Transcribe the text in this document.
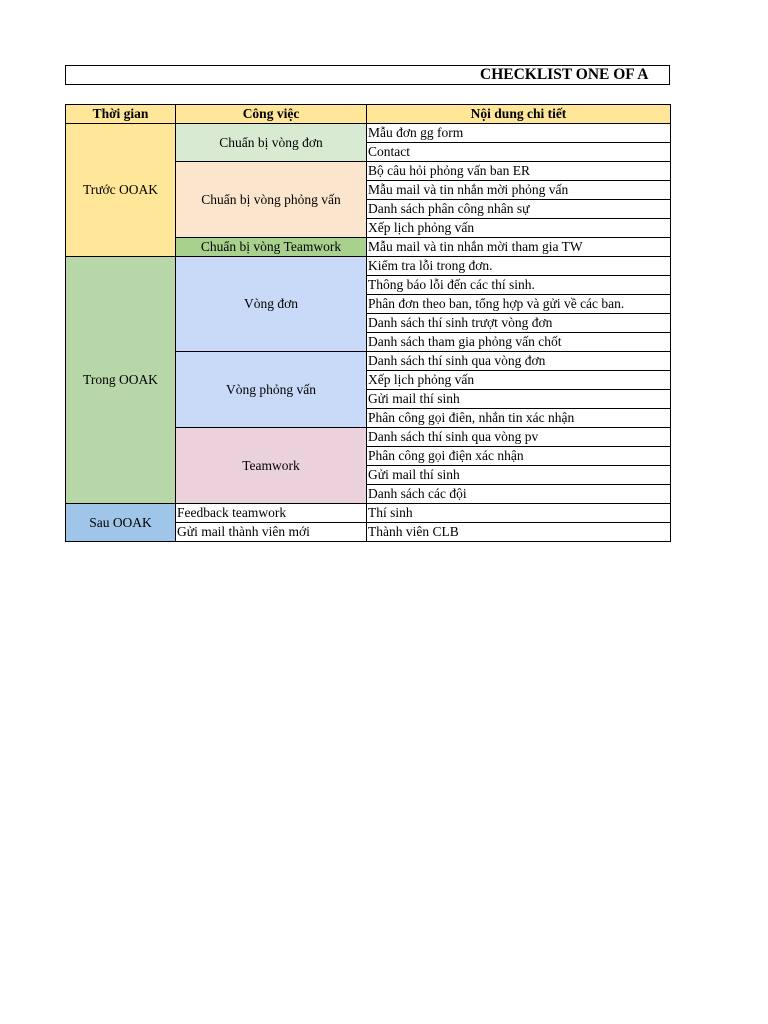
CHECKLIST ONE OF A
Thời gian	Công việc	Nội dung chi tiết
Trước OOAK	Chuẩn bị vòng đơn	Mẫu đơn gg form
		Contact
	Chuẩn bị vòng phỏng vấn	Bộ câu hỏi phỏng vấn ban ER
		Mẫu mail và tin nhắn mời phỏng vấn
		Danh sách phân công nhân sự
		Xếp lịch phỏng vấn
	Chuẩn bị vòng Teamwork	Mẫu mail và tin nhắn mời tham gia TW

Trong OOAK	Vòng đơn	Kiểm tra lỗi trong đơn.
		Thông báo lỗi đến các thí sinh.
		Phân đơn theo ban, tổng hợp và gửi về các ban.
		Danh sách thí sinh trượt vòng đơn
		Danh sách tham gia phỏng vấn chốt
	Vòng phỏng vấn	Danh sách thí sinh qua vòng đơn
		Xếp lịch phỏng vấn
		Gửi mail thí sinh
		Phân công gọi điên, nhắn tin xác nhận
	Teamwork	Danh sách thí sinh qua vòng pv
		Phân công gọi điện xác nhận
		Gửi mail thí sinh
		Danh sách các đội
Sau OOAK	Feedback teamwork	Thí sinh
	Gửi mail thành viên mới	Thành viên CLB
